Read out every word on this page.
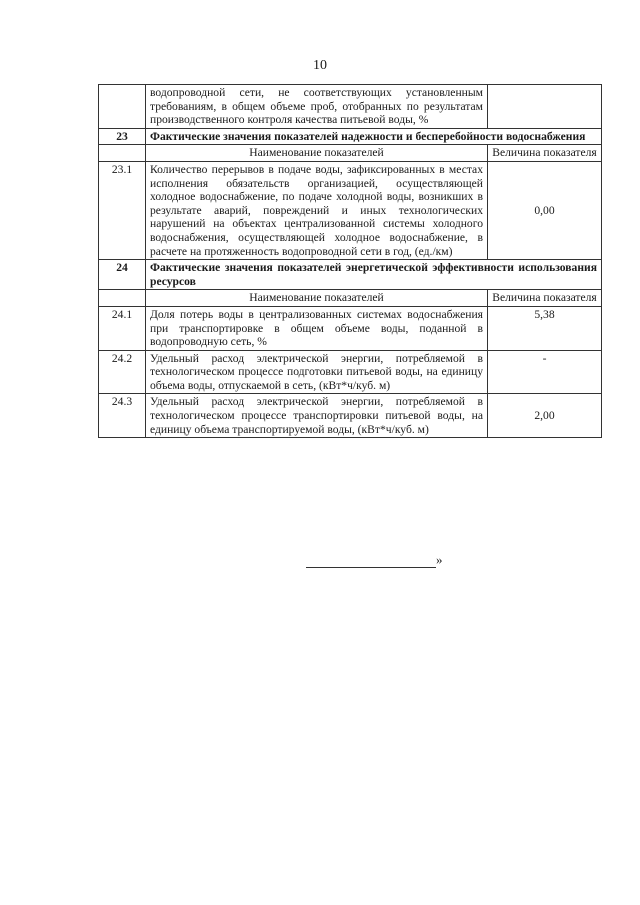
10
	водопроводной сети, не соответствующих установленным требованиям, в общем объеме проб, отобранных по результатам производственного контроля качества питьевой воды, %	
23	Фактические значения показателей надежности и бесперебойности водоснабжения	
	Наименование показателей	Величина показателя
23.1	Количество перерывов в подаче воды, зафиксированных в местах исполнения обязательств организацией, осуществляющей холодное водоснабжение, по подаче холодной воды, возникших в результате аварий, повреждений и иных технологических нарушений на объектах централизованной системы холодного водоснабжения, осуществляющей холодное водоснабжение, в расчете на протяженность водопроводной сети в год, (ед./км)	0,00
24	Фактические значения показателей энергетической эффективности использования ресурсов	
	Наименование показателей	Величина показателя
24.1	Доля потерь воды в централизованных системах водоснабжения при транспортировке в общем объеме воды, поданной в водопроводную сеть, %	5,38
24.2	Удельный расход электрической энергии, потребляемой в технологическом процессе подготовки питьевой воды, на единицу объема воды, отпускаемой в сеть, (кВт*ч/куб. м)	-
24.3	Удельный расход электрической энергии, потребляемой в технологическом процессе транспортировки питьевой воды, на единицу объема транспортируемой воды, (кВт*ч/куб. м)	2,00
»
